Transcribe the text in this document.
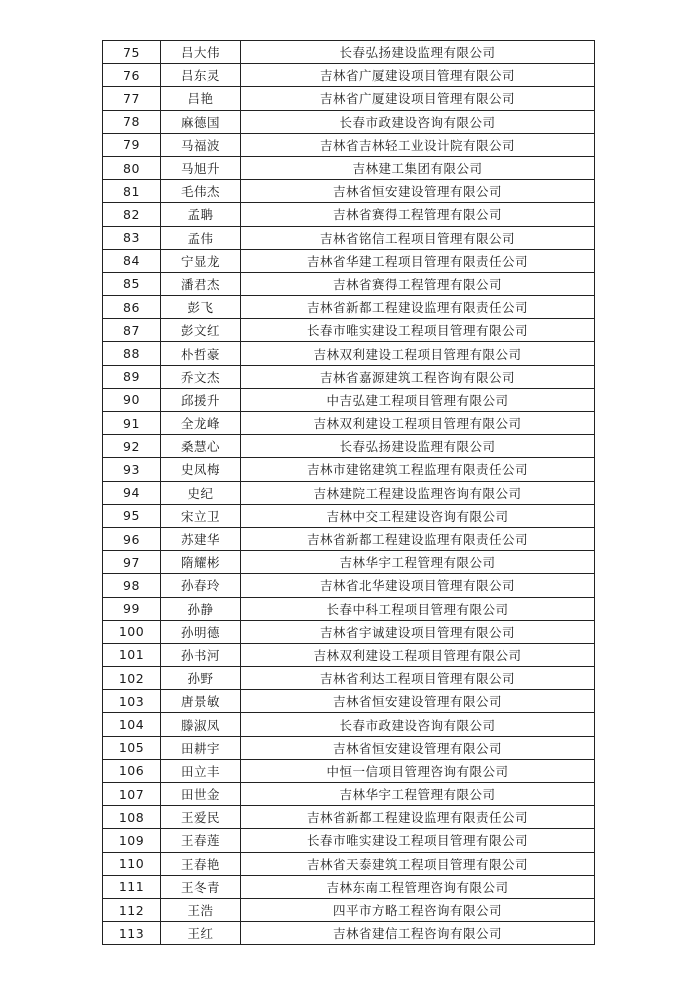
75	吕大伟	长春弘扬建设监理有限公司
76	吕东灵	吉林省广厦建设项目管理有限公司
77	吕艳	吉林省广厦建设项目管理有限公司
78	麻德国	长春市政建设咨询有限公司
79	马福波	吉林省吉林轻工业设计院有限公司
80	马旭升	吉林建工集团有限公司
81	毛伟杰	吉林省恒安建设管理有限公司
82	孟聃	吉林省赛得工程管理有限公司
83	孟伟	吉林省铭信工程项目管理有限公司
84	宁显龙	吉林省华建工程项目管理有限责任公司
85	潘君杰	吉林省赛得工程管理有限公司
86	彭飞	吉林省新都工程建设监理有限责任公司
87	彭文红	长春市唯实建设工程项目管理有限公司
88	朴哲豪	吉林双利建设工程项目管理有限公司
89	乔文杰	吉林省嘉源建筑工程咨询有限公司
90	邱援升	中吉弘建工程项目管理有限公司
91	全龙峰	吉林双利建设工程项目管理有限公司
92	桑慧心	长春弘扬建设监理有限公司
93	史凤梅	吉林市建铭建筑工程监理有限责任公司
94	史纪	吉林建院工程建设监理咨询有限公司
95	宋立卫	吉林中交工程建设咨询有限公司
96	苏建华	吉林省新都工程建设监理有限责任公司
97	隋耀彬	吉林华宇工程管理有限公司
98	孙春玲	吉林省北华建设项目管理有限公司
99	孙静	长春中科工程项目管理有限公司
100	孙明德	吉林省宇诚建设项目管理有限公司
101	孙书河	吉林双利建设工程项目管理有限公司
102	孙野	吉林省利达工程项目管理有限公司
103	唐景敏	吉林省恒安建设管理有限公司
104	滕淑凤	长春市政建设咨询有限公司
105	田耕宇	吉林省恒安建设管理有限公司
106	田立丰	中恒一信项目管理咨询有限公司
107	田世金	吉林华宇工程管理有限公司
108	王爱民	吉林省新都工程建设监理有限责任公司
109	王春莲	长春市唯实建设工程项目管理有限公司
110	王春艳	吉林省天泰建筑工程项目管理有限公司
111	王冬青	吉林东南工程管理咨询有限公司
112	王浩	四平市方略工程咨询有限公司
113	王红	吉林省建信工程咨询有限公司
